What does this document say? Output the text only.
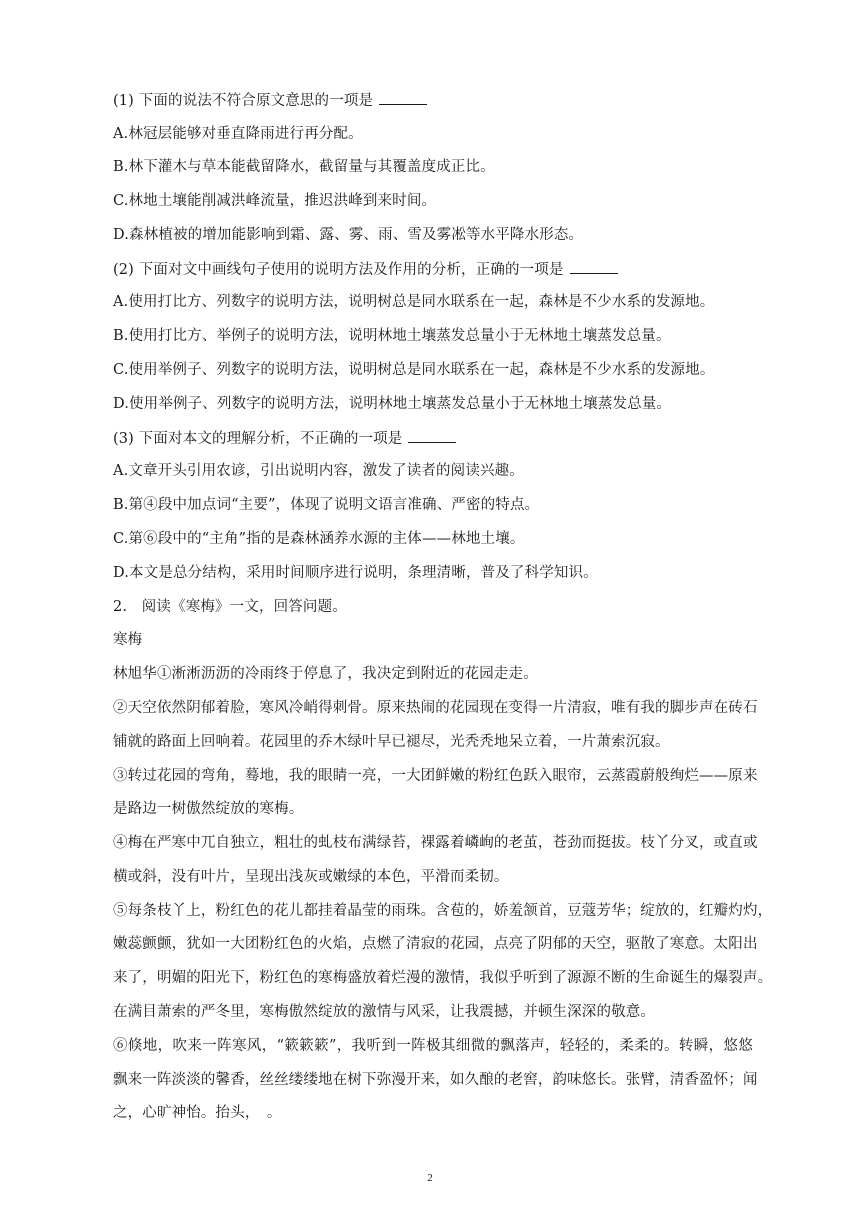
(1) 下面的说法不符合原文意思的一项是
A.林冠层能够对垂直降雨进行再分配。
B.林下灌木与草本能截留降水，截留量与其覆盖度成正比。
C.林地土壤能削减洪峰流量，推迟洪峰到来时间。
D.森林植被的增加能影响到霜、露、雾、雨、雪及雾凇等水平降水形态。
(2) 下面对文中画线句子使用的说明方法及作用的分析，正确的一项是
A.使用打比方、列数字的说明方法，说明树总是同水联系在一起，森林是不少水系的发源地。
B.使用打比方、举例子的说明方法，说明林地土壤蒸发总量小于无林地土壤蒸发总量。
C.使用举例子、列数字的说明方法，说明树总是同水联系在一起，森林是不少水系的发源地。
D.使用举例子、列数字的说明方法，说明林地土壤蒸发总量小于无林地土壤蒸发总量。
(3) 下面对本文的理解分析，不正确的一项是
A.文章开头引用农谚，引出说明内容，激发了读者的阅读兴趣。
B.第④段中加点词“主要”，体现了说明文语言准确、严密的特点。
C.第⑥段中的“主角”指的是森林涵养水源的主体——林地土壤。
D.本文是总分结构，采用时间顺序进行说明，条理清晰，普及了科学知识。
2.　阅读《寒梅》一文，回答问题。
寒梅
林旭华①淅淅沥沥的冷雨终于停息了，我决定到附近的花园走走。
②天空依然阴郁着脸，寒风冷峭得刺骨。原来热闹的花园现在变得一片清寂，唯有我的脚步声在砖石
铺就的路面上回响着。花园里的乔木绿叶早已褪尽，光秃秃地呆立着，一片萧索沉寂。
③转过花园的弯角，蓦地，我的眼睛一亮，一大团鲜嫩的粉红色跃入眼帘，云蒸霞蔚般绚烂——原来
是路边一树傲然绽放的寒梅。
④梅在严寒中兀自独立，粗壮的虬枝布满绿苔，裸露着嶙峋的老茧，苍劲而挺拔。枝丫分叉，或直或
横或斜，没有叶片，呈现出浅灰或嫩绿的本色，平滑而柔韧。
⑤每条枝丫上，粉红色的花儿都挂着晶莹的雨珠。含苞的，娇羞颔首，豆蔻芳华；绽放的，红瓣灼灼，
嫩蕊颤颤，犹如一大团粉红色的火焰，点燃了清寂的花园，点亮了阴郁的天空，驱散了寒意。太阳出
来了，明媚的阳光下，粉红色的寒梅盛放着烂漫的激情，我似乎听到了源源不断的生命诞生的爆裂声。
在满目萧索的严冬里，寒梅傲然绽放的激情与风采，让我震撼，并顿生深深的敬意。
⑥倏地，吹来一阵寒风，“簌簌簌”，我听到一阵极其细微的飘落声，轻轻的，柔柔的。转瞬，悠悠
飘来一阵淡淡的馨香，丝丝缕缕地在树下弥漫开来，如久酿的老窖，韵味悠长。张臂，清香盈怀；闻
之，心旷神怡。抬头，　。
2
